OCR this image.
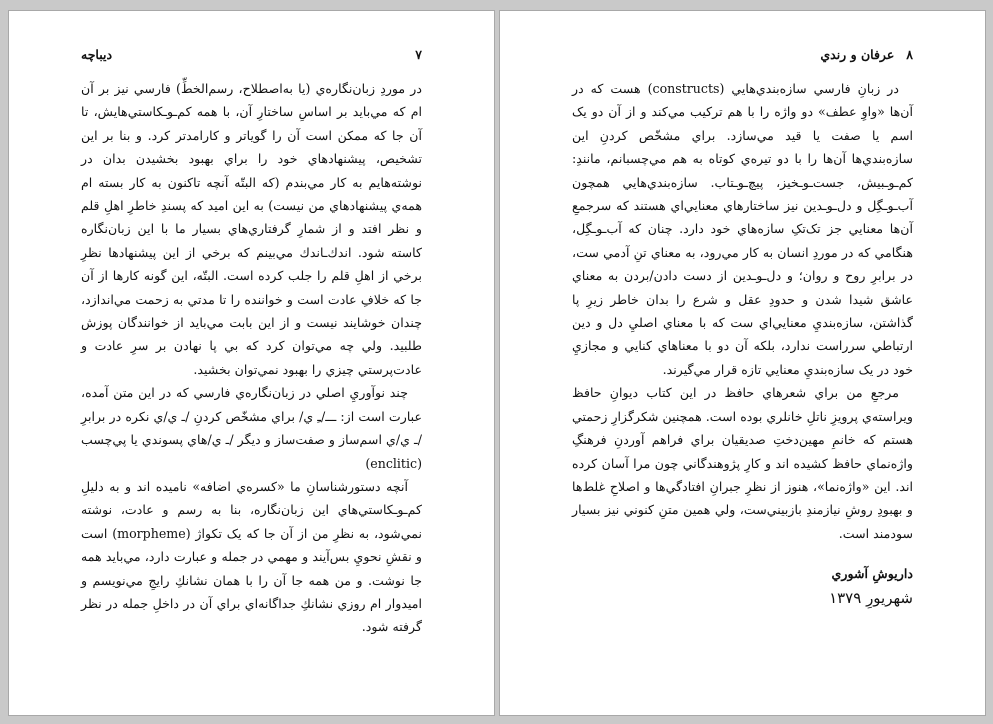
۷
ديباچه

در موردِ زبان‌نگاره‌ي (يا به‌اصطلاح، رسم‌الخطِّ) فارسي نيز بر آن ام كه مي‌بايد بر اساسِ ساختارِ آن، با همه كم‌ـو‌ـكاستي‌هايش، تا آن جا كه ممكن است آن را گوياتر و كارامدتر كرد. و بنا بر اين تشخيص، پيشنهادهاي خود را براي بهبود بخشيدن بدان در نوشته‌هايم به كار مي‌بندم (كه البتّه آنچه تاكنون به كار بسته ام همه‌ي پيشنهادهاي من نيست) به اين اميد كه پسندِ خاطرِ اهلِ قلم و نظر افتد و از شمارِ گرفتاري‌هاي بسيار ما با اين زبان‌نگاره كاسته شود. اندك‌ـاندك مي‌بينم كه برخي از اين پيشنهادها نظرِ برخي از اهلِ قلم را جلب كرده است. البتّه، اين گونه كارها از آن جا كه خلافِ عادت است و خواننده را تا مدتي به زحمت مي‌اندازد، چندان خوشايند نيست و از اين بابت مي‌بايد از خوانندگان پوزش طلبيد. ولي چه مي‌توان كرد كه بي پا نهادن بر سرِ عادت و عادت‌پرستي چيزي را بهبود نمي‌توان بخشيد.

چند نوآوريِ اصلي در زبان‌نگاره‌ي فارسي كه در اين متن آمده، عبارت است از: ـــ/ـِ ي/ براي مشخّص كردنِ /ـ ي/ي نكره در برابرِ /ـ ي/ي اسم‌ساز و صفت‌ساز و ديگر /ـ ي/هاي پسوندي يا پي‌چسب (enclitic)

آنچه دستورشناسانِ ما «كسره‌ي اضافه» ناميده اند و به دليلِ كم‌ـو‌ـكاستي‌هاي اين زبان‌نگاره، بنا به رسم و عادت، نوشته نمي‌شود، به نظرِ من از آن جا كه يک تكواژ (morpheme) است و نقشِ نحويِ بس‌آيند و مهمي در جمله و عبارت دارد، مي‌بايد همه جا نوشت. و من همه جا آن را با همان نشانكِ رايجِ مي‌نويسم و اميدوار ام روزي نشانكِ جداگانه‌اي براي آن در داخلِ جمله در نظر گرفته شود.

۸
عرفان و رندي

در زبانِ فارسي سازه‌بندي‌هايي (constructs) هست كه در آن‌ها «واوِ عطف» دو واژه را با هم تركيب مي‌كند و از آن دو يک اسم يا صفت يا قيد مي‌سازد. براي مشخّص كردنِ اين سازه‌بندي‌ها آن‌ها را با دو تيره‌ي كوتاه به هم مي‌چسبانم، مانندِ: كم‌ـو‌ـبيش، جست‌ـو‌ـخيز، پيچ‌ـو‌ـتاب. سازه‌بندي‌هايي همچون آب‌ـو‌ـگِل و دل‌ـو‌ـدين نيز ساختارهاي معنايي‌اي هستند كه سرجمعِ آن‌ها معنايي جز تک‌تکِ سازه‌هاي خود دارد. چنان كه آب‌ـو‌ـگِل، هنگامي كه در موردِ انسان به كار مي‌رود، به معناي تنِ آدمي ست، در برابرِ روح و روان؛ و دل‌ـو‌ـدين از دست دادن/بردن به معناي عاشق شيدا شدن و حدودِ عقل و شرع را بدان خاطر زيرِ پا گذاشتن، سازه‌بنديِ معنايي‌اي ست كه با معناي اصليِ دل و دين ارتباطي سرراست ندارد، بلكه آن دو با معناهاي كنايي و مجازيِ خود در يک سازه‌بنديِ معنايي تازه قرار مي‌گيرند.

مرجعِ من براي شعرهاي حافظ در اين كتاب ديوانِ حافظ ويراسته‌ي پرويزِ ناتلِ خانلري بوده است. همچنين شكرگزارِ زحمتي هستم كه خانمِ مهين‌دختِ صديقيان براي فراهم آوردنِ فرهنگِ واژه‌نماي حافظ كشيده اند و كارِ پژوهندگاني چون مرا آسان كرده اند. اين «واژه‌نما»، هنوز از نظرِ جبرانِ افتادگي‌ها و اصلاحِ غلط‌ها و بهبودِ روشِ نيازمندِ بازبيني‌ست، ولي همين متنِ كنوني نيز بسيار سودمند است.

داريوشِ آشوري
شهريورِ ۱۳۷۹
